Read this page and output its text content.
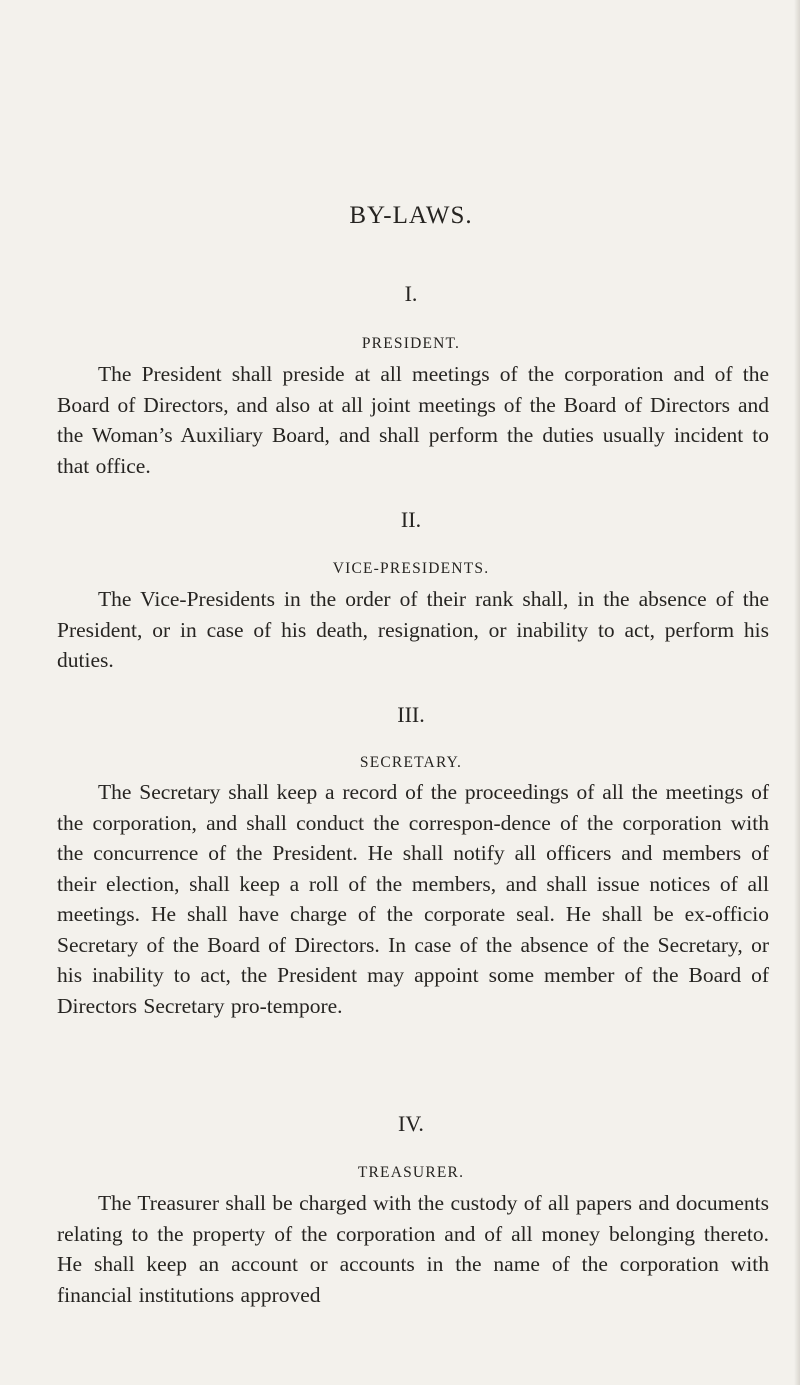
BY-LAWS.
I.
PRESIDENT.

The President shall preside at all meetings of the corporation and of the Board of Directors, and also at all joint meetings of the Board of Directors and the Woman’s Auxiliary Board, and shall perform the duties usually incident to that office.

II.
VICE-PRESIDENTS.

The Vice-Presidents in the order of their rank shall, in the absence of the President, or in case of his death, resignation, or inability to act, perform his duties.

III.
SECRETARY.

The Secretary shall keep a record of the proceedings of all the meetings of the corporation, and shall conduct the correspon-dence of the corporation with the concurrence of the President. He shall notify all officers and members of their election, shall keep a roll of the members, and shall issue notices of all meetings. He shall have charge of the corporate seal. He shall be ex-officio Secretary of the Board of Directors. In case of the absence of the Secretary, or his inability to act, the President may appoint some member of the Board of Directors Secretary pro-tempore.

IV.
TREASURER.

The Treasurer shall be charged with the custody of all papers and documents relating to the property of the corporation and of all money belonging thereto. He shall keep an account or accounts in the name of the corporation with financial institutions approved
